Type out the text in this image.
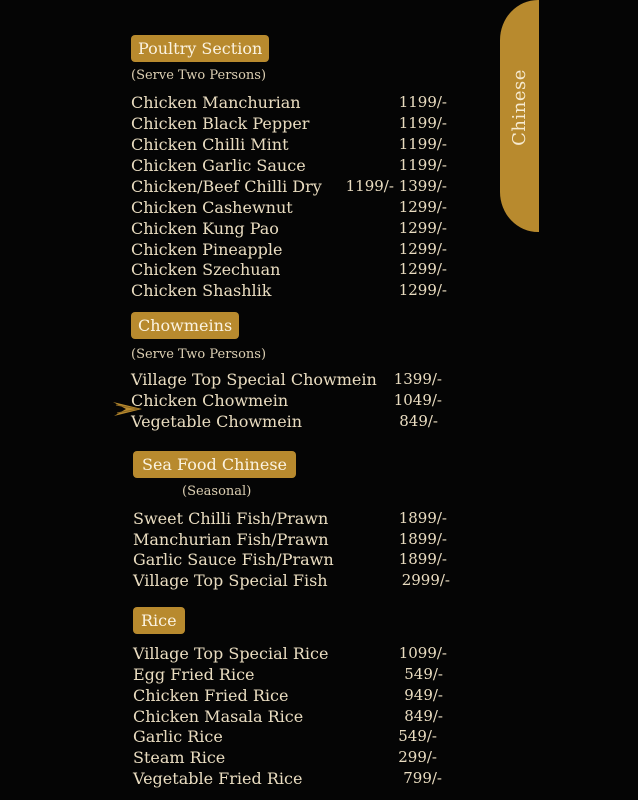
Chinese
Poultry Section
(Serve Two Persons)
Chicken Manchurian	1199/-
Chicken Black Pepper	1199/-
Chicken Chilli Mint	1199/-
Chicken Garlic Sauce	1199/-
Chicken/Beef Chilli Dry	1199/- 1399/-
Chicken Cashewnut	1299/-
Chicken Kung Pao	1299/-
Chicken Pineapple	1299/-
Chicken Szechuan	1299/-
Chicken Shashlik	1299/-
Chowmeins
(Serve Two Persons)
Village Top Special Chowmein	1399/-
Chicken Chowmein	1049/-
Vegetable Chowmein	849/-
Sea Food Chinese
(Seasonal)
Sweet Chilli Fish/Prawn	1899/-
Manchurian Fish/Prawn	1899/-
Garlic Sauce Fish/Prawn	1899/-
Village Top Special Fish	2999/-
Rice
Village Top Special Rice	1099/-
Egg Fried Rice	549/-
Chicken Fried Rice	949/-
Chicken Masala Rice	849/-
Garlic Rice	549/-
Steam Rice	299/-
Vegetable Fried Rice	799/-
